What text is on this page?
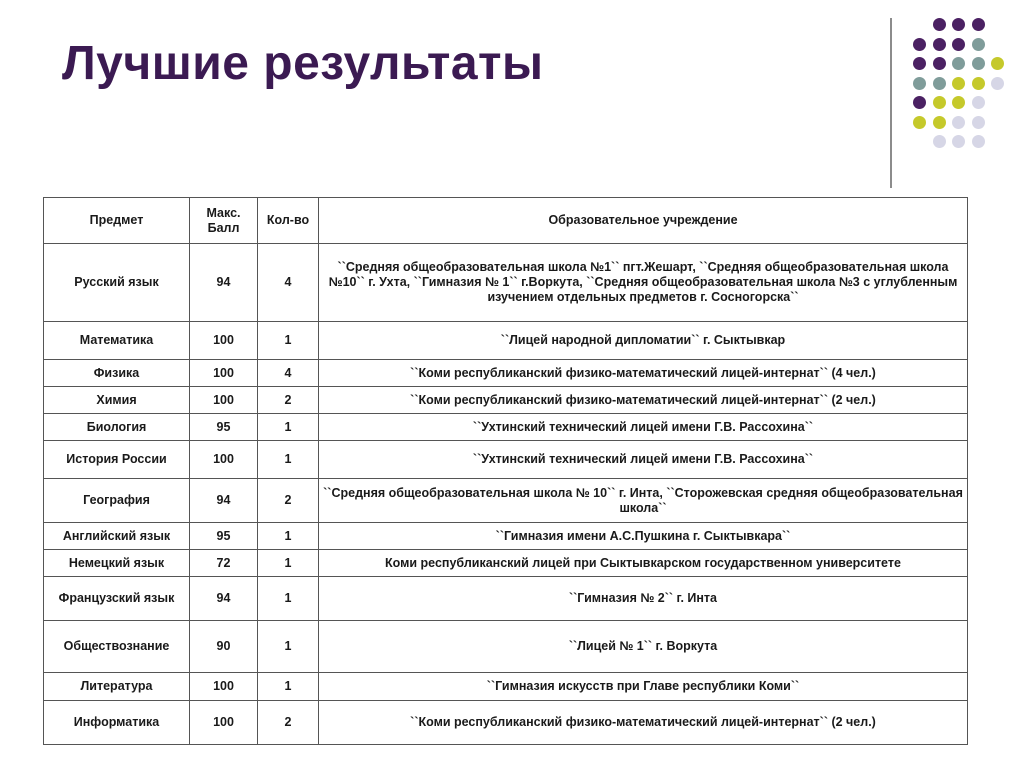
Лучшие результаты
Предмет	Макс. Балл	Кол-во	Образовательное учреждение
Русский язык	94	4	``Средняя общеобразовательная школа №1`` пгт.Жешарт, ``Средняя общеобразовательная школа №10`` г. Ухта, ``Гимназия № 1`` г.Воркута, ``Средняя общеобразовательная школа №3 с углубленным изучением отдельных предметов г. Сосногорска``
Математика	100	1	``Лицей народной дипломатии`` г. Сыктывкар
Физика	100	4	``Коми республиканский физико-математический лицей-интернат`` (4 чел.)
Химия	100	2	``Коми республиканский физико-математический лицей-интернат`` (2 чел.)
Биология	95	1	``Ухтинский технический лицей имени Г.В. Рассохина``
История России	100	1	``Ухтинский технический лицей имени Г.В. Рассохина``
География	94	2	``Средняя общеобразовательная школа № 10`` г. Инта, ``Сторожевская средняя общеобразовательная школа``
Английский язык	95	1	``Гимназия имени А.С.Пушкина г. Сыктывкара``
Немецкий язык	72	1	Коми республиканский лицей при Сыктывкарском государственном университете
Французский язык	94	1	``Гимназия № 2`` г. Инта
Обществознание	90	1	``Лицей № 1`` г. Воркута
Литература	100	1	``Гимназия искусств при Главе республики Коми``
Информатика	100	2	``Коми республиканский физико-математический лицей-интернат`` (2 чел.)
